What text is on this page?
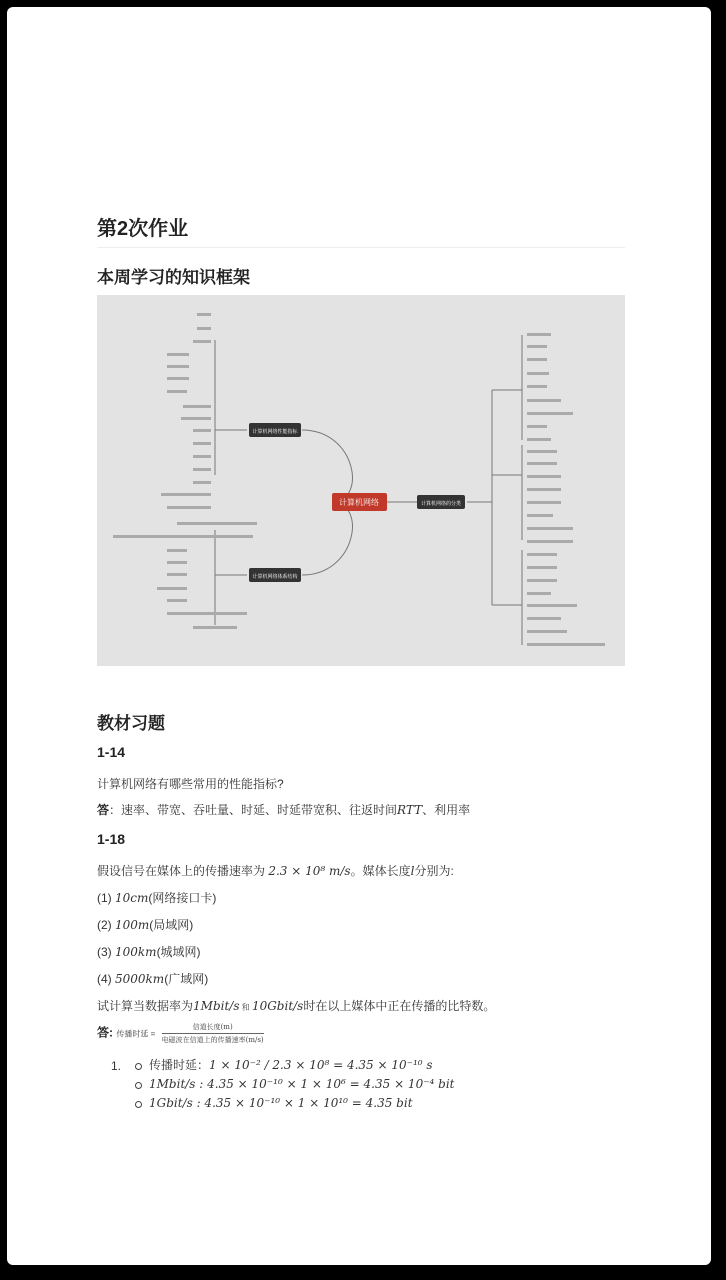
第2次作业
本周学习的知识框架
计算机网络
计算机网络性能指标
计算机网络体系结构
计算机网络的分类
教材习题
1-14
计算机网络有哪些常用的性能指标?
答：速率、带宽、吞吐量、时延、时延带宽积、往返时间RTT、利用率
1-18
假设信号在媒体上的传播速率为 2.3 × 10⁸ m/s。媒体长度l分别为:
(1) 10cm(网络接口卡)
(2) 100m(局域网)
(3) 100km(城域网)
(4) 5000km(广域网)
试计算当数据率为1Mbit/s 和 10Gbit/s时在以上媒体中正在传播的比特数。
答: 传播时延 = $\frac{\text{信道长度(m)}}{\text{电磁波在信道上的传播速率(m/s)}}$
1.	传播时延：1 × 10⁻² / 2.3 × 10⁸ = 4.35 × 10⁻¹⁰ s
1Mbit/s : 4.35 × 10⁻¹⁰ × 1 × 10⁶ = 4.35 × 10⁻⁴ bit
1Gbit/s : 4.35 × 10⁻¹⁰ × 1 × 10¹⁰ = 4.35 bit
